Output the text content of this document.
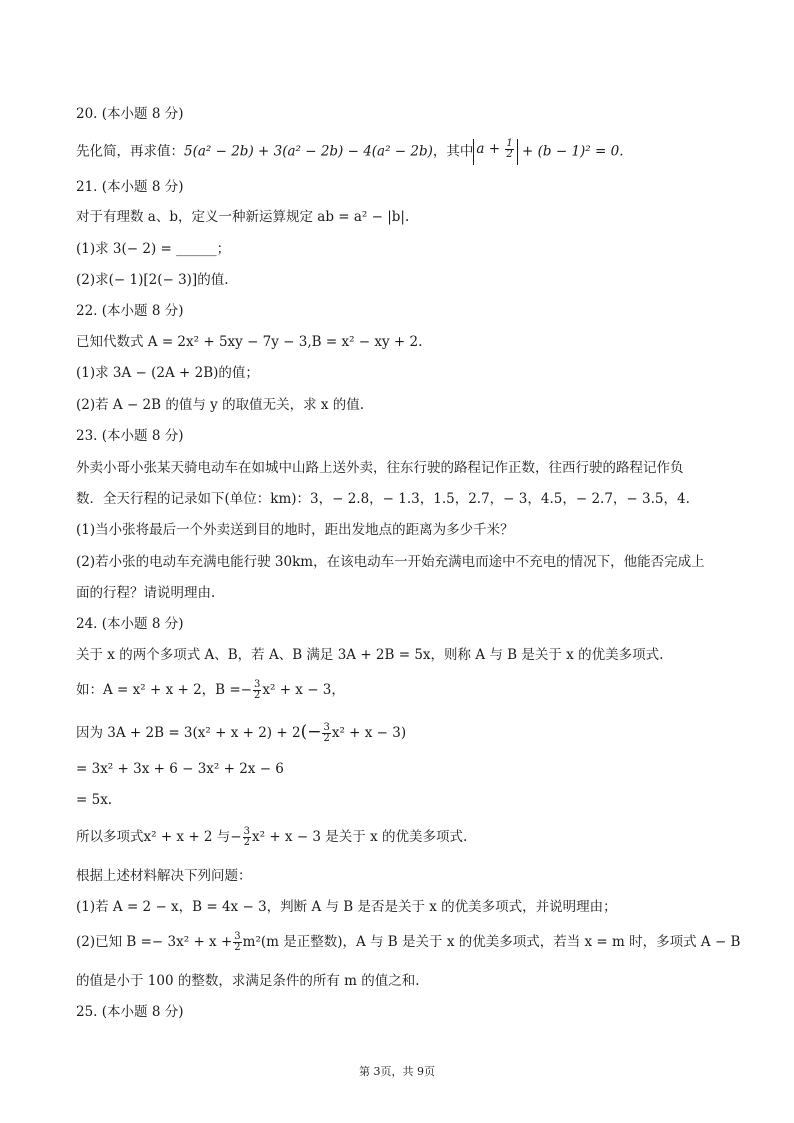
20. (本小题 8 分)
先化简，再求值：5(a² − 2b) + 3(a² − 2b) − 4(a² − 2b)，其中 $a + \frac{1}{2} + (b - 1)^2 = 0$.
21. (本小题 8 分)
对于有理数 a、b，定义一种新运算规定 ab = a² − |b|.
(1)求 3(− 2) = ______；
(2)求(− 1)[2(− 3)]的值.
22. (本小题 8 分)
已知代数式 A = 2x² + 5xy − 7y − 3,B = x² − xy + 2.
(1)求 3A − (2A + 2B)的值；
(2)若 A − 2B 的值与 y 的取值无关，求 x 的值.
23. (本小题 8 分)
外卖小哥小张某天骑电动车在如城中山路上送外卖，往东行驶的路程记作正数，往西行驶的路程记作负
数．全天行程的记录如下(单位：km)：3，− 2.8，− 1.3，1.5，2.7，− 3，4.5，− 2.7，− 3.5，4.
(1)当小张将最后一个外卖送到目的地时，距出发地点的距离为多少千米？
(2)若小张的电动车充满电能行驶 30km，在该电动车一开始充满电而途中不充电的情况下，他能否完成上
面的行程？请说明理由.
24. (本小题 8 分)
关于 x 的两个多项式 A、B，若 A、B 满足 3A + 2B = 5x，则称 A 与 B 是关于 x 的优美多项式.
如：A = x² + x + 2，$B =- \frac{3}{2} x^2 + x - 3$，
因为 $3A + 2B = 3(x^2 + x + 2) + 2(- \frac{3}{2} x^2 + x - 3)$
= 3x² + 3x + 6 − 3x² + 2x − 6
= 5x.
所以多项式x² + x + 2 与− $\frac{3}{2} x^2 + x - 3$ 是关于 x 的优美多项式.
根据上述材料解决下列问题：
(1)若 A = 2 − x，B = 4x − 3，判断 A 与 B 是否是关于 x 的优美多项式，并说明理由；
(2)已知 $B =- 3x^2 + x + \frac{3}{2} m^2(m$ 是正整数)，A 与 B 是关于 x 的优美多项式，若当 x = m 时，多项式 A − B
的值是小于 100 的整数，求满足条件的所有 m 的值之和.
25. (本小题 8 分)
第 3页，共 9页
